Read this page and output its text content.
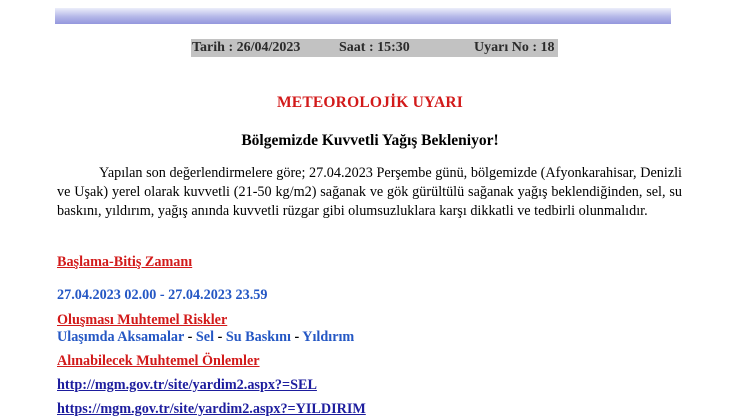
Tarih : 26/04/2023	Saat : 15:30	Uyarı No : 18
METEOROLOJİK UYARI
Bölgemizde Kuvvetli Yağış Bekleniyor!
Yapılan son değerlendirmelere göre; 27.04.2023 Perşembe günü, bölgemizde (Afyonkarahisar, Denizli ve Uşak) yerel olarak kuvvetli (21-50 kg/m2) sağanak ve gök gürültülü sağanak yağış beklendiğinden, sel, su baskını, yıldırım, yağış anında kuvvetli rüzgar gibi olumsuzluklara karşı dikkatli ve tedbirli olunmalıdır.
Başlama-Bitiş Zamanı
27.04.2023 02.00 - 27.04.2023 23.59
Oluşması Muhtemel Riskler
Ulaşımda Aksamalar - Sel - Su Baskını - Yıldırım
Alınabilecek Muhtemel Önlemler
http://mgm.gov.tr/site/yardim2.aspx?=SEL
https://mgm.gov.tr/site/yardim2.aspx?=YILDIRIM
